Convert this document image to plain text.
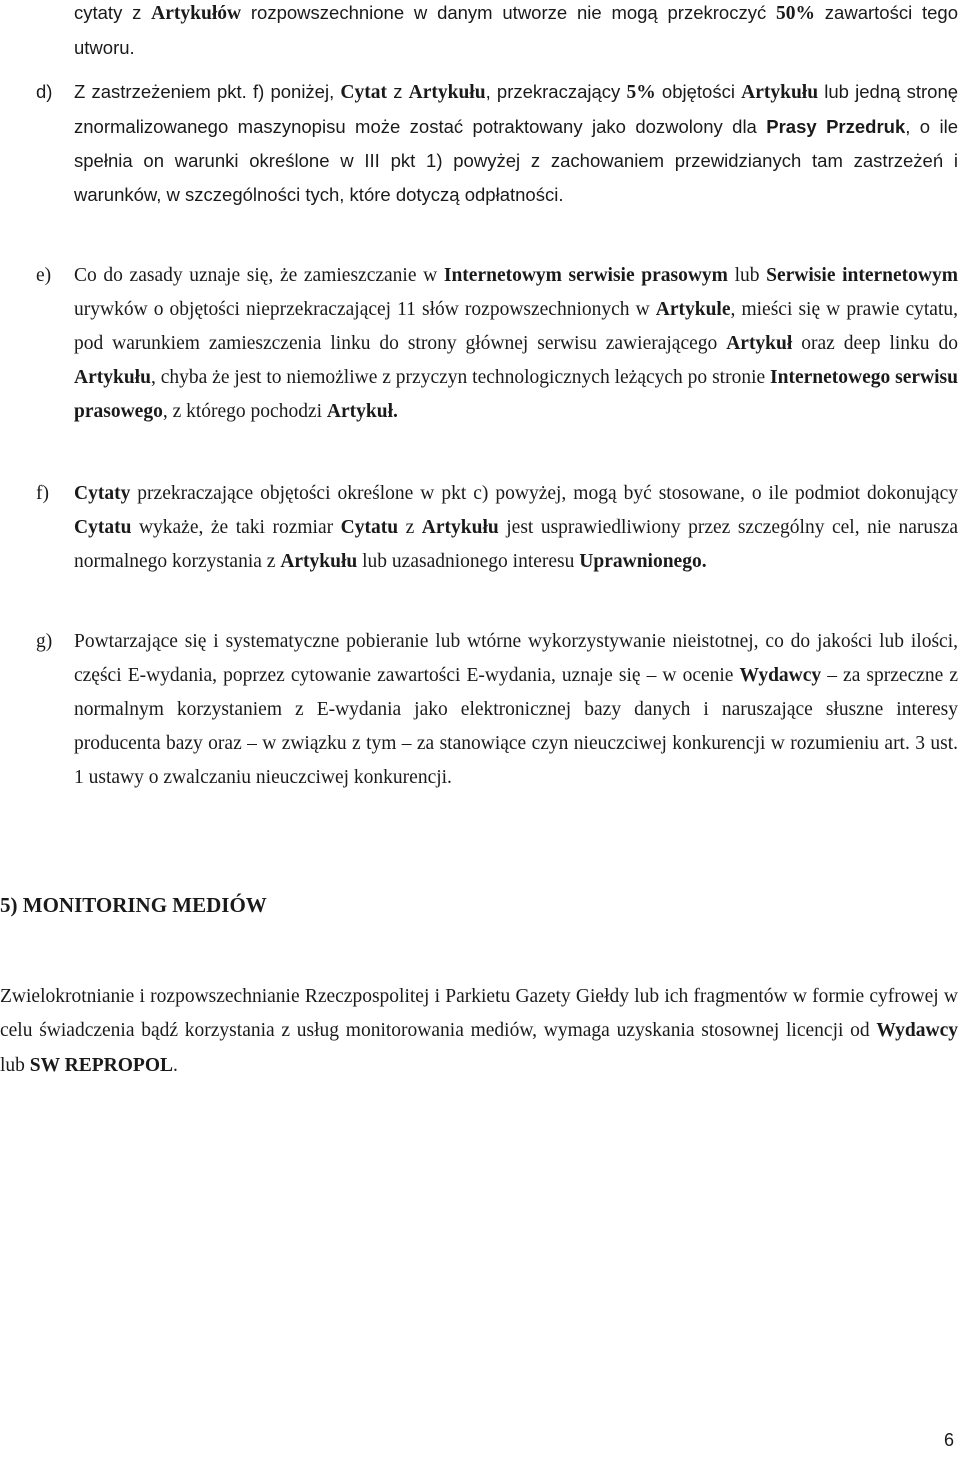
cytaty z Artykułów rozpowszechnione w danym utworze nie mogą przekroczyć 50% zawartości tego utworu.
d) Z zastrzeżeniem pkt. f) poniżej, Cytat z Artykułu, przekraczający 5% objętości Artykułu lub jedną stronę znormalizowanego maszynopisu może zostać potraktowany jako dozwolony dla Prasy Przedruk, o ile spełnia on warunki określone w III pkt 1) powyżej z zachowaniem przewidzianych tam zastrzeżeń i warunków, w szczególności tych, które dotyczą odpłatności.
e) Co do zasady uznaje się, że zamieszczanie w Internetowym serwisie prasowym lub Serwisie internetowym urywków o objętości nieprzekraczającej 11 słów rozpowszechnionych w Artykule, mieści się w prawie cytatu, pod warunkiem zamieszczenia linku do strony głównej serwisu zawierającego Artykuł oraz deep linku do Artykułu, chyba że jest to niemożliwe z przyczyn technologicznych leżących po stronie Internetowego serwisu prasowego, z którego pochodzi Artykuł.
f) Cytaty przekraczające objętości określone w pkt c) powyżej, mogą być stosowane, o ile podmiot dokonujący Cytatu wykaże, że taki rozmiar Cytatu z Artykułu jest usprawiedliwiony przez szczególny cel, nie narusza normalnego korzystania z Artykułu lub uzasadnionego interesu Uprawnionego.
g) Powtarzające się i systematyczne pobieranie lub wtórne wykorzystywanie nieistotnej, co do jakości lub ilości, części E-wydania, poprzez cytowanie zawartości E-wydania, uznaje się – w ocenie Wydawcy – za sprzeczne z normalnym korzystaniem z E-wydania jako elektronicznej bazy danych i naruszające słuszne interesy producenta bazy oraz – w związku z tym – za stanowiące czyn nieuczciwej konkurencji w rozumieniu art. 3 ust. 1 ustawy o zwalczaniu nieuczciwej konkurencji.
5) MONITORING MEDIÓW
Zwielokrotnianie i rozpowszechnianie Rzeczpospolitej i Parkietu Gazety Giełdy lub ich fragmentów w formie cyfrowej w celu świadczenia bądź korzystania z usług monitorowania mediów, wymaga uzyskania stosownej licencji od Wydawcy lub SW REPROPOL.
6
